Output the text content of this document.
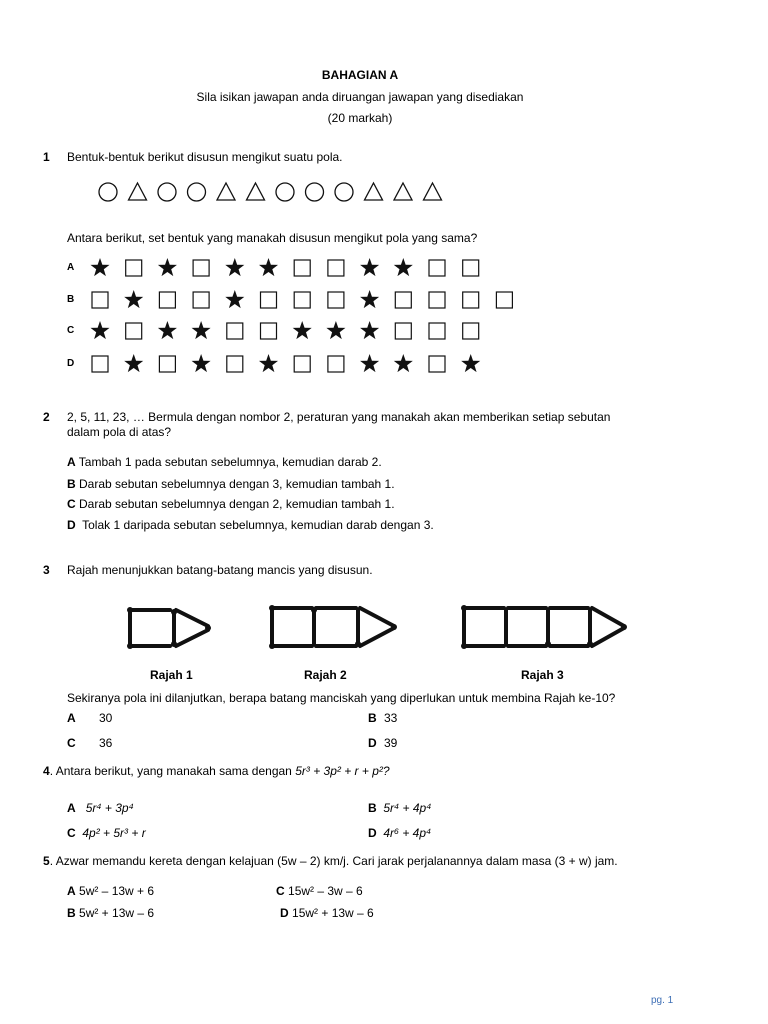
BAHAGIAN A
Sila isikan jawapan anda diruangan jawapan yang disediakan
(20 markah)
1 Bentuk-bentuk berikut disusun mengikut suatu pola.
Antara berikut, set bentuk yang manakah disusun mengikut pola yang sama?
A
B
C
D
2 2, 5, 11, 23, … Bermula dengan nombor 2, peraturan yang manakah akan memberikan setiap sebutan
dalam pola di atas?
A Tambah 1 pada sebutan sebelumnya, kemudian darab 2.
B Darab sebutan sebelumnya dengan 3, kemudian tambah 1.
C Darab sebutan sebelumnya dengan 2, kemudian tambah 1.
D Tolak 1 daripada sebutan sebelumnya, kemudian darab dengan 3.
3 Rajah menunjukkan batang-batang mancis yang disusun.
Rajah 1	Rajah 2	Rajah 3
Sekiranya pola ini dilanjutkan, berapa batang manciskah yang diperlukan untuk membina Rajah ke-10?
A 30	B 33
C 36	D 39
4. Antara berikut, yang manakah sama dengan 5r³ + 3p² + r + p²?
A 5r⁴ + 3p⁴	B 5r⁴ + 4p⁴
C 4p² + 5r³ + r	D 4r⁶ + 4p⁴
5. Azwar memandu kereta dengan kelajuan (5w – 2) km/j. Cari jarak perjalanannya dalam masa (3 + w) jam.
A 5w² – 13w + 6
B 5w² + 13w – 6
C 15w² – 3w – 6
D 15w² + 13w – 6
pg. 1
